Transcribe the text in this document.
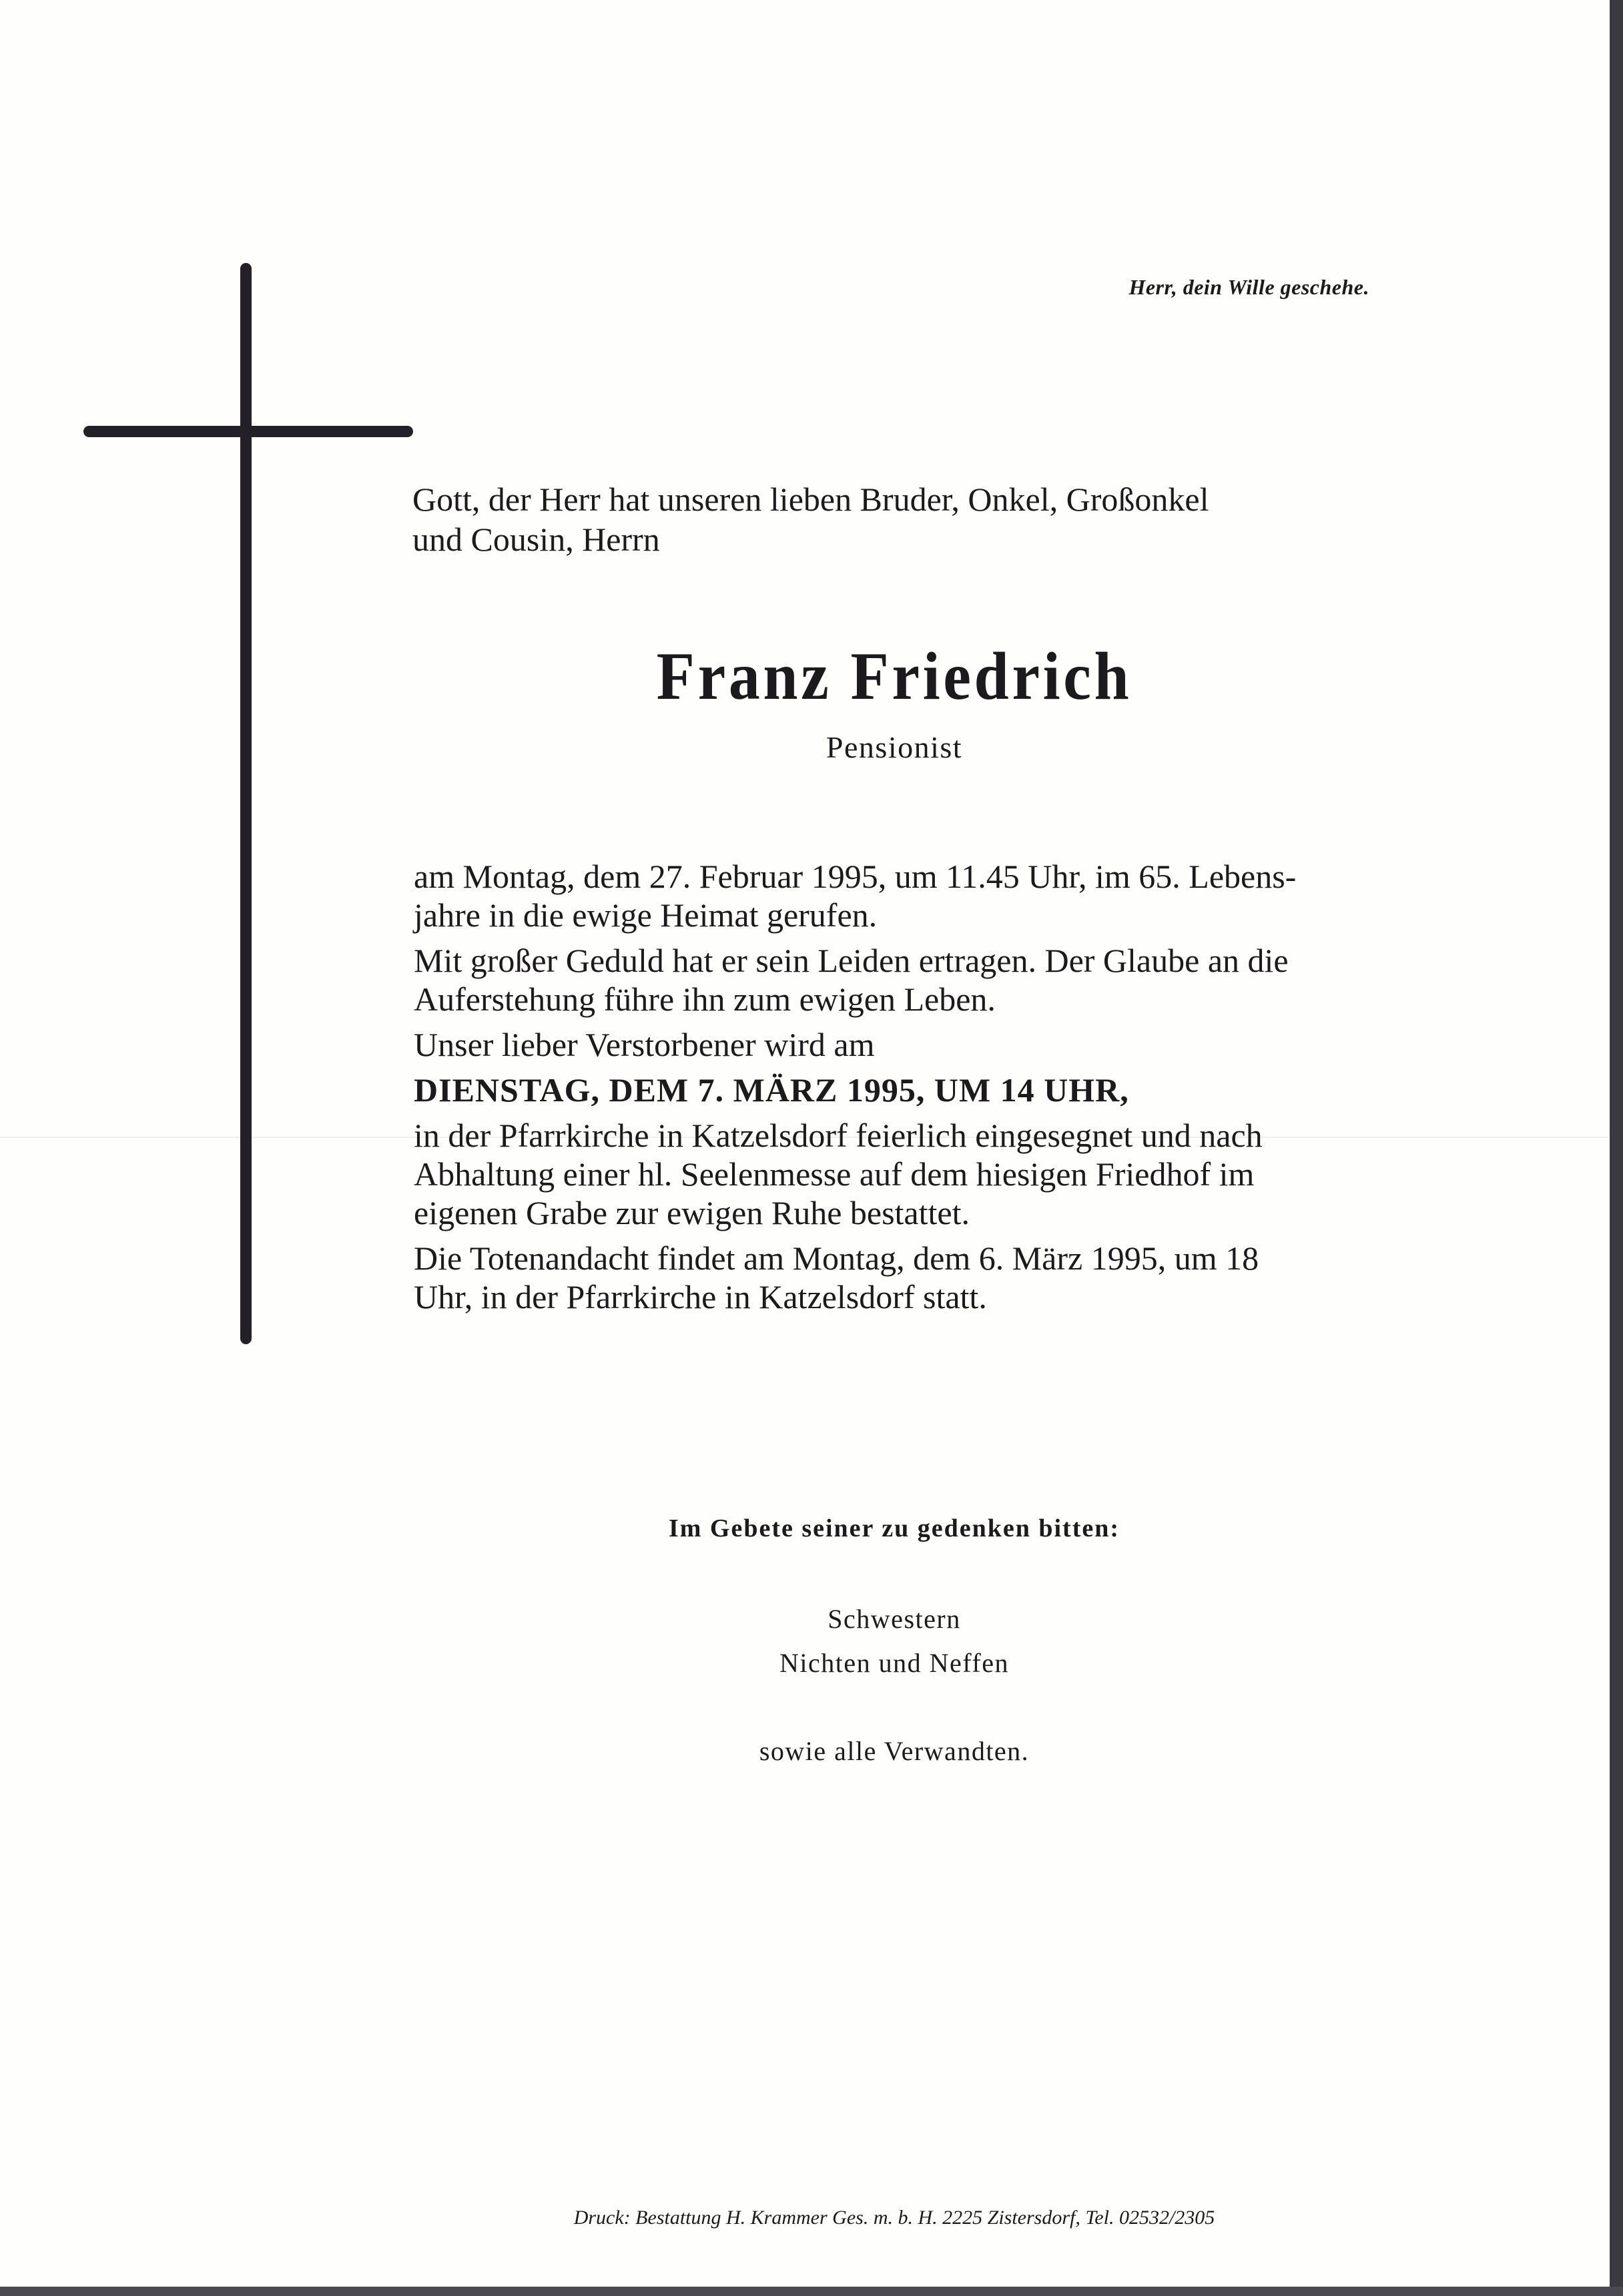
Herr, dein Wille geschehe.
Gott, der Herr hat unseren lieben Bruder, Onkel, Großonkel
und Cousin, Herrn
Franz Friedrich
Pensionist
am Montag, dem 27. Februar 1995, um 11.45 Uhr, im 65. Lebens-
jahre in die ewige Heimat gerufen.
Mit großer Geduld hat er sein Leiden ertragen. Der Glaube an die
Auferstehung führe ihn zum ewigen Leben.
Unser lieber Verstorbener wird am
DIENSTAG, DEM 7. MÄRZ 1995, UM 14 UHR,
in der Pfarrkirche in Katzelsdorf feierlich eingesegnet und nach
Abhaltung einer hl. Seelenmesse auf dem hiesigen Friedhof im
eigenen Grabe zur ewigen Ruhe bestattet.
Die Totenandacht findet am Montag, dem 6. März 1995, um 18
Uhr, in der Pfarrkirche in Katzelsdorf statt.
Im Gebete seiner zu gedenken bitten:
Schwestern
Nichten und Neffen
sowie alle Verwandten.
Druck: Bestattung H. Krammer Ges. m. b. H. 2225 Zistersdorf, Tel. 02532/2305
